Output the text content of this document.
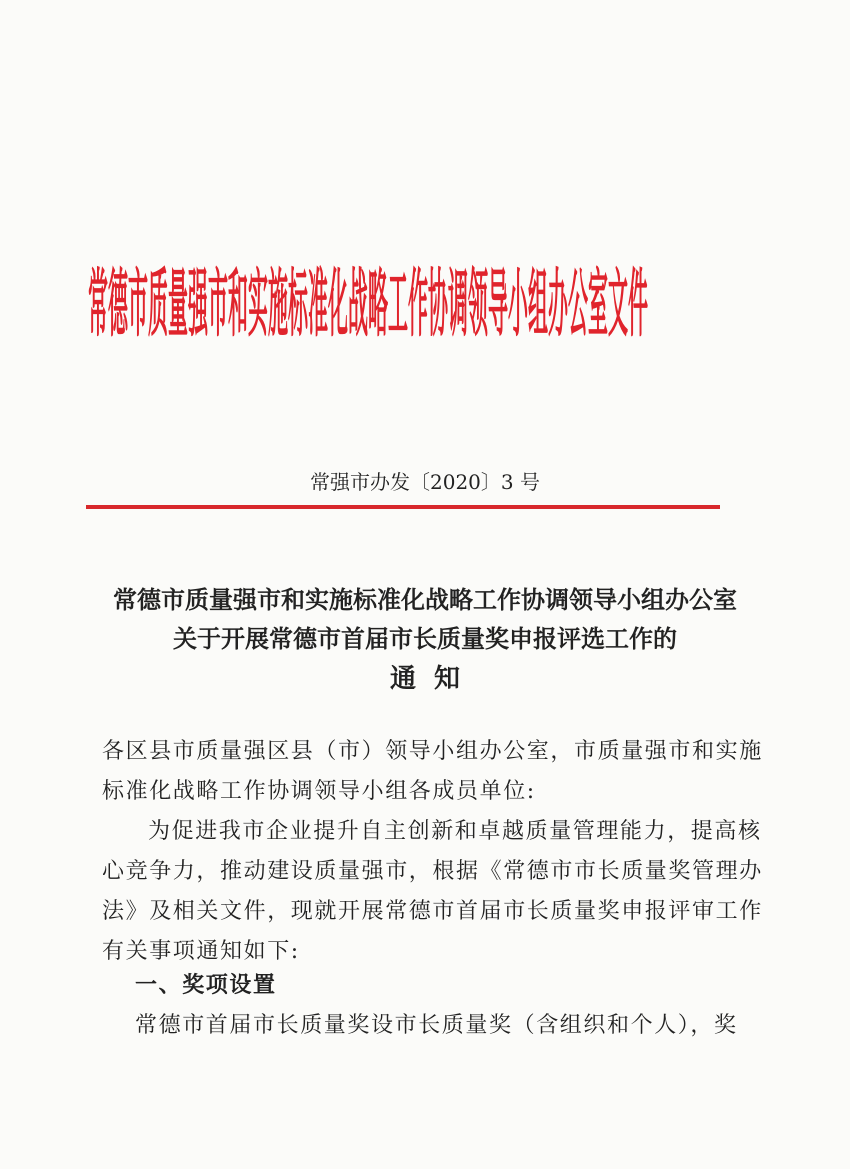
常德市质量强市和实施标准化战略工作协调领导小组办公室文件
常强市办发〔2020〕3 号
常德市质量强市和实施标准化战略工作协调领导小组办公室
关于开展常德市首届市长质量奖申报评选工作的
通  知
各区县市质量强区县（市）领导小组办公室，市质量强市和实施
标准化战略工作协调领导小组各成员单位:
为促进我市企业提升自主创新和卓越质量管理能力，提高核
心竞争力，推动建设质量强市，根据《常德市市长质量奖管理办
法》及相关文件，现就开展常德市首届市长质量奖申报评审工作
有关事项通知如下:
一、奖项设置
常德市首届市长质量奖设市长质量奖（含组织和个人），奖
